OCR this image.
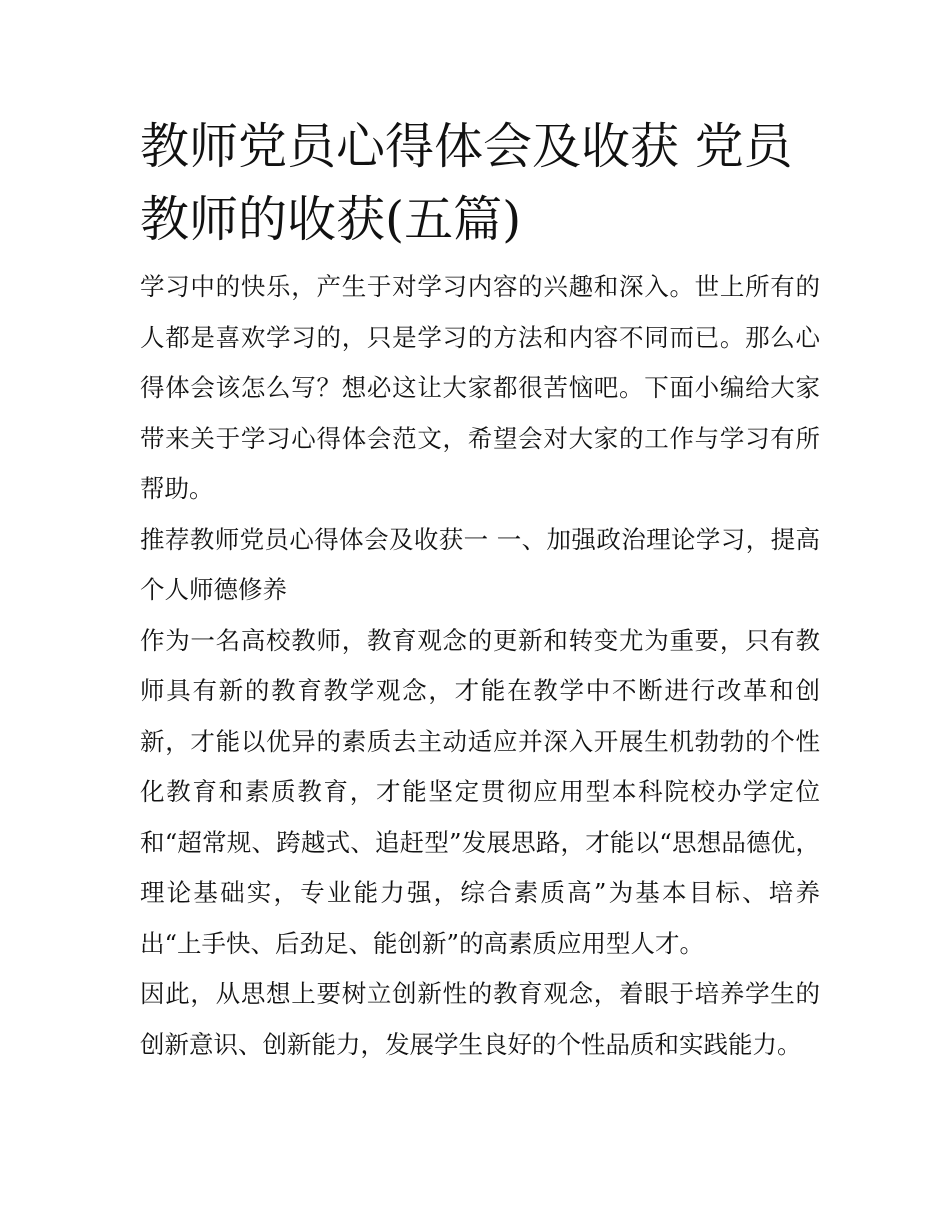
教师党员心得体会及收获 党员教师的收获(五篇)

学习中的快乐，产生于对学习内容的兴趣和深入。世上所有的人都是喜欢学习的，只是学习的方法和内容不同而已。那么心得体会该怎么写？想必这让大家都很苦恼吧。下面小编给大家带来关于学习心得体会范文，希望会对大家的工作与学习有所帮助。

推荐教师党员心得体会及收获一 一、加强政治理论学习，提高个人师德修养

作为一名高校教师，教育观念的更新和转变尤为重要，只有教师具有新的教育教学观念，才能在教学中不断进行改革和创新，才能以优异的素质去主动适应并深入开展生机勃勃的个性化教育和素质教育，才能坚定贯彻应用型本科院校办学定位和“超常规、跨越式、追赶型”发展思路，才能以“思想品德优，理论基础实，专业能力强，综合素质高”为基本目标、培养出“上手快、后劲足、能创新”的高素质应用型人才。

因此，从思想上要树立创新性的教育观念，着眼于培养学生的创新意识、创新能力，发展学生良好的个性品质和实践能力。
